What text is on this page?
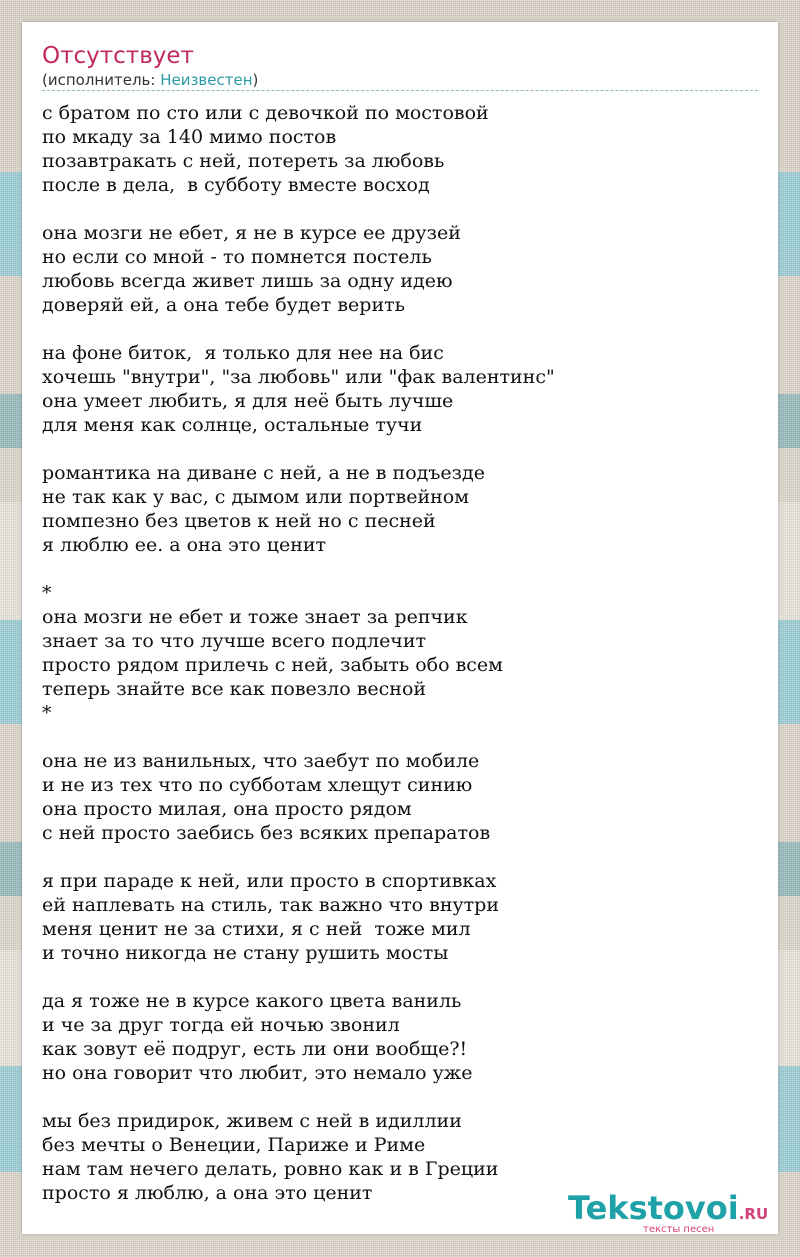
Отсутствует
(исполнитель: Неизвестен)
с братом по сто или с девочкой по мостовой
по мкаду за 140 мимо постов
позавтракать с ней, потереть за любовь
после в дела,  в субботу вместе восход
она мозги не ебет, я не в курсе ее друзей
но если со мной - то помнется постель
любовь всегда живет лишь за одну идею
доверяй ей, а она тебе будет верить
на фоне биток,  я только для нее на бис
хочешь "внутри", "за любовь" или "фак валентинс"
она умеет любить, я для неё быть лучше
для меня как солнце, остальные тучи
романтика на диване с ней, а не в подъезде
не так как у вас, с дымом или портвейном
помпезно без цветов к ней но с песней
я люблю ее. а она это ценит
*
она мозги не ебет и тоже знает за репчик
знает за то что лучше всего подлечит
просто рядом прилечь с ней, забыть обо всем
теперь знайте все как повезло весной
*
она не из ванильных, что заебут по мобиле
и не из тех что по субботам хлещут синию
она просто милая, она просто рядом
с ней просто заебись без всяких препаратов
я при параде к ней, или просто в спортивках
ей наплевать на стиль, так важно что внутри
меня ценит не за стихи, я с ней  тоже мил
и точно никогда не стану рушить мосты
да я тоже не в курсе какого цвета ваниль
и че за друг тогда ей ночью звонил
как зовут её подруг, есть ли они вообще?!
но она говорит что любит, это немало уже
мы без придирок, живем с ней в идиллии
без мечты о Венеции, Париже и Риме
нам там нечего делать, ровно как и в Греции
просто я люблю, а она это ценит	Tekstovoi.RU
тексты песен
